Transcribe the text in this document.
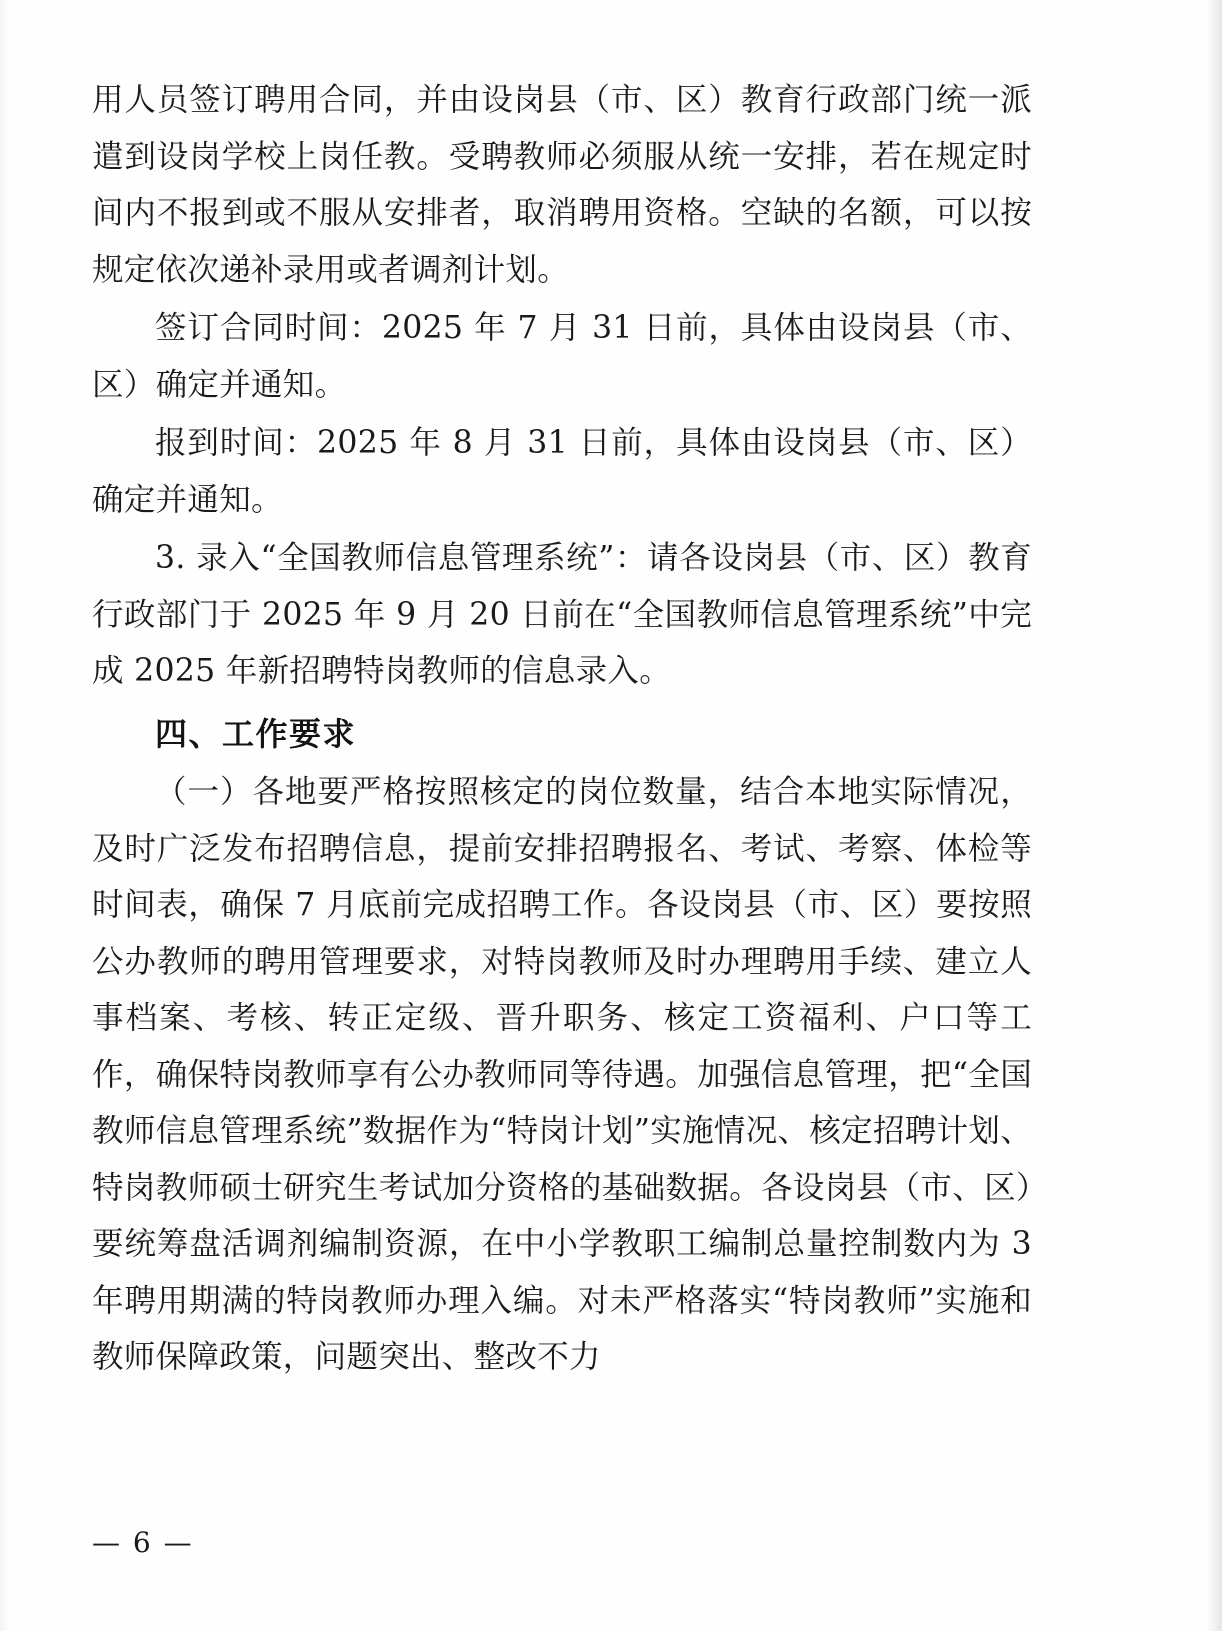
用人员签订聘用合同，并由设岗县（市、区）教育行政部门统一派遣到设岗学校上岗任教。受聘教师必须服从统一安排，若在规定时间内不报到或不服从安排者，取消聘用资格。空缺的名额，可以按规定依次递补录用或者调剂计划。

签订合同时间：2025 年 7 月 31 日前，具体由设岗县（市、区）确定并通知。

报到时间：2025 年 8 月 31 日前，具体由设岗县（市、区）确定并通知。

3. 录入“全国教师信息管理系统”：请各设岗县（市、区）教育行政部门于 2025 年 9 月 20 日前在“全国教师信息管理系统”中完成 2025 年新招聘特岗教师的信息录入。

四、工作要求

（一）各地要严格按照核定的岗位数量，结合本地实际情况，及时广泛发布招聘信息，提前安排招聘报名、考试、考察、体检等时间表，确保 7 月底前完成招聘工作。各设岗县（市、区）要按照公办教师的聘用管理要求，对特岗教师及时办理聘用手续、建立人事档案、考核、转正定级、晋升职务、核定工资福利、户口等工作，确保特岗教师享有公办教师同等待遇。加强信息管理，把“全国教师信息管理系统”数据作为“特岗计划”实施情况、核定招聘计划、特岗教师硕士研究生考试加分资格的基础数据。各设岗县（市、区）要统筹盘活调剂编制资源，在中小学教职工编制总量控制数内为 3 年聘用期满的特岗教师办理入编。对未严格落实“特岗教师”实施和教师保障政策，问题突出、整改不力

— 6 —
